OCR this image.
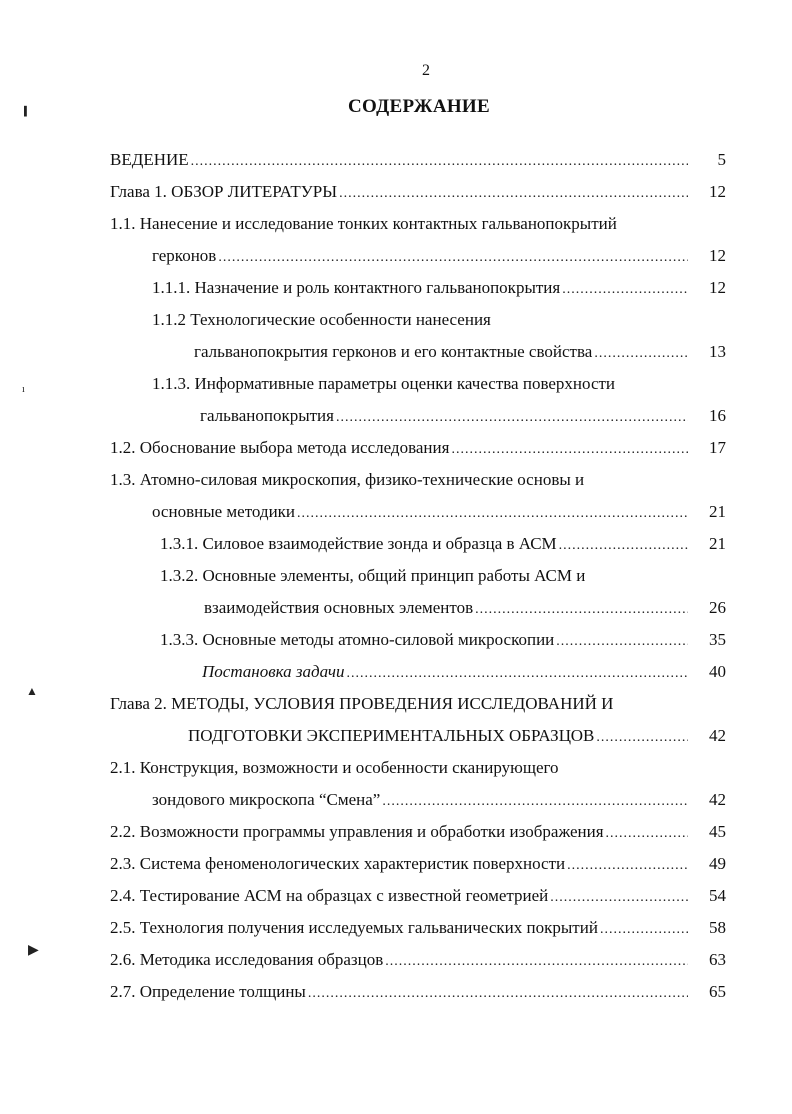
2
СОДЕРЖАНИЕ
╻
ı
▲
▶
ВЕДЕНИЕ .....	5
Глава 1. ОБЗОР ЛИТЕРАТУРЫ .....	12
1.1. Нанесение и исследование тонких контактных гальванопокрытий
герконов .....	12
1.1.1. Назначение и роль контактного гальванопокрытия .....	12
1.1.2 Технологические особенности нанесения
гальванопокрытия герконов и его контактные свойства .....	13
1.1.3. Информативные параметры оценки качества поверхности
гальванопокрытия .....	16
1.2. Обоснование выбора метода исследования .....	17
1.3. Атомно-силовая микроскопия, физико-технические основы и
основные методики .....	21
1.3.1. Силовое взаимодействие зонда и образца в АСМ .....	21
1.3.2. Основные элементы, общий принцип работы АСМ и
взаимодействия основных элементов .....	26
1.3.3. Основные методы атомно-силовой микроскопии .....	35
Постановка задачи .....	40
Глава 2. МЕТОДЫ, УСЛОВИЯ ПРОВЕДЕНИЯ ИССЛЕДОВАНИЙ И
ПОДГОТОВКИ ЭКСПЕРИМЕНТАЛЬНЫХ ОБРАЗЦОВ .....	42
2.1. Конструкция, возможности и особенности сканирующего
зондового микроскопа “Смена” .....	42
2.2. Возможности программы управления и обработки изображения .....	45
2.3. Система феноменологических характеристик поверхности .....	49
2.4. Тестирование АСМ на образцах с известной геометрией .....	54
2.5. Технология получения исследуемых гальванических покрытий .....	58
2.6. Методика исследования образцов .....	63
2.7. Определение толщины .....	65
